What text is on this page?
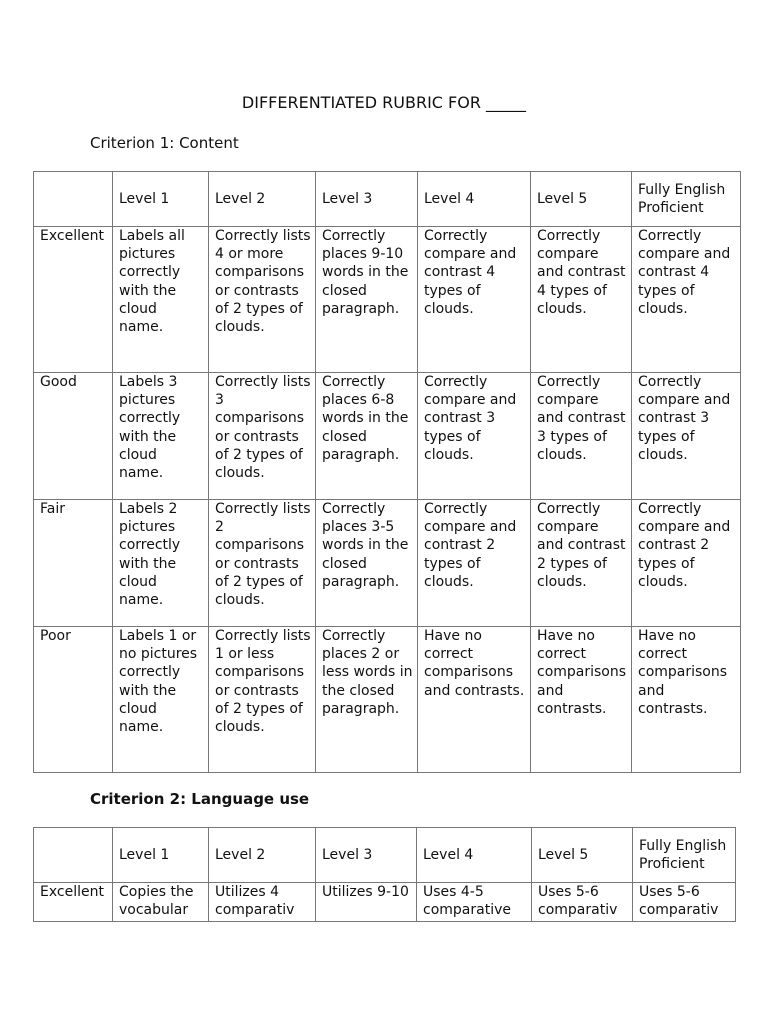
DIFFERENTIATED RUBRIC FOR _____
Criterion 1: Content
	Level 1	Level 2	Level 3	Level 4	Level 5	Fully English Proficient
Excellent	Labels all pictures correctly with the cloud name.	Correctly lists 4 or more comparisons or contrasts of 2 types of clouds.	Correctly places 9-10 words in the closed paragraph.	Correctly compare and contrast 4 types of clouds.	Correctly compare and contrast 4 types of clouds.	Correctly compare and contrast 4 types of clouds.
Good	Labels 3 pictures correctly with the cloud name.	Correctly lists 3 comparisons or contrasts of 2 types of clouds.	Correctly places 6-8 words in the closed paragraph.	Correctly compare and contrast 3 types of clouds.	Correctly compare and contrast 3 types of clouds.	Correctly compare and contrast 3 types of clouds.
Fair	Labels 2 pictures correctly with the cloud name.	Correctly lists 2 comparisons or contrasts of 2 types of clouds.	Correctly places 3-5 words in the closed paragraph.	Correctly compare and contrast 2 types of clouds.	Correctly compare and contrast 2 types of clouds.	Correctly compare and contrast 2 types of clouds.
Poor	Labels 1 or no pictures correctly with the cloud name.	Correctly lists 1 or less comparisons or contrasts of 2 types of clouds.	Correctly places 2 or less words in the closed paragraph.	Have no correct comparisons and contrasts.	Have no correct comparisons and contrasts.	Have no correct comparisons and contrasts.
Criterion 2: Language use
	Level 1	Level 2	Level 3	Level 4	Level 5	Fully English Proficient
Excellent	Copies the vocabular	Utilizes 4 comparativ	Utilizes 9-10	Uses 4-5 comparative	Uses 5-6 comparativ	Uses 5-6 comparativ
